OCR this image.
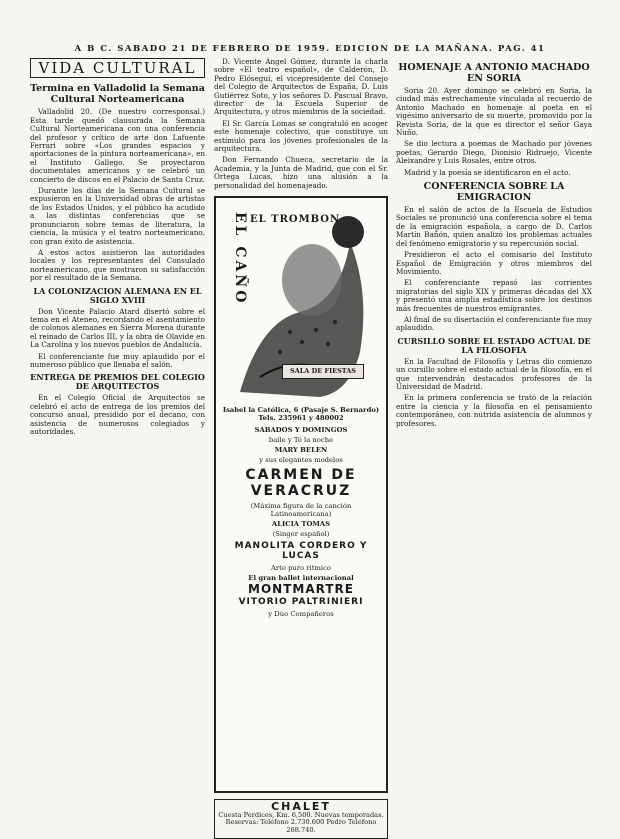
A B C. SABADO 21 DE FEBRERO DE 1959. EDICION DE LA MAÑANA. PAG. 41
VIDA CULTURAL
Termina en Valladolid la Semana Cultural Norteamericana

Valladolid 20. (De nuestro corresponsal.) Esta tarde quedó clausurada la Semana Cultural Norteamericana con una conferencia del profesor y crítico de arte don Lafuente Ferrari sobre «Los grandes espacios y aportaciones de la pintura norteamericana», en el Instituto Gallego. Se proyectaron documentales americanos y se celebró un concierto de discos en el Palacio de Santa Cruz.

Durante los días de la Semana Cultural se expusieron en la Universidad obras de artistas de los Estados Unidos, y el público ha acudido a las distintas conferencias que se pronunciaron sobre temas de literatura, la ciencia, la música y el teatro norteamericano, con gran éxito de asistencia.

A estos actos asistieron las autoridades locales y los representantes del Consulado norteamericano, que mostraron su satisfacción por el resultado de la Semana.

LA COLONIZACION ALEMANA EN EL SIGLO XVIII

Don Vicente Palacio Atard disertó sobre el tema en el Ateneo, recordando el asentamiento de colonos alemanes en Sierra Morena durante el reinado de Carlos III, y la obra de Olavide en La Carolina y los nuevos pueblos de Andalucía.

El conferenciante fue muy aplaudido por el numeroso público que llenaba el salón.

ENTREGA DE PREMIOS DEL COLEGIO DE ARQUITECTOS

En el Colegio Oficial de Arquitectos se celebró el acto de entrega de los premios del concurso anual, presidido por el decano, con asistencia de numerosos colegiados y autoridades.

D. Vicente Angel Gómez, durante la charla sobre «El teatro español», de Calderón, D. Pedro Elósegui, el vicepresidente del Consejo del Colegio de Arquitectos de España, D. Luis Gutiérrez Soto, y los señores D. Pascual Bravo, director de la Escuela Superior de Arquitectura, y otros miembros de la sociedad.

El Sr. García Lomas se congratuló en acoger este homenaje colectivo, que constituye un estímulo para los jóvenes profesionales de la arquitectura.

Don Fernando Chueca, secretario de la Academia, y la Junta de Madrid, que con el Sr. Ortega Lucas, hizo una alusión a la personalidad del homenajeado.

EL CAÑO EL TROMBON
SALA DE FIESTAS
Isabel la Católica, 6 (Pasaje S. Bernardo) Tels. 235961 y 480002
SABADOS Y DOMINGOS
baile y Té la noche
MARY BELEN
y sus elegantes modelos
CARMEN DE VERACRUZ
(Máxima figura de la canción Latinoamericana)
ALICIA TOMAS
(Singer español)
MANOLITA CORDERO Y LUCAS
Arte puro ritmico
El gran ballet internacional
MONTMARTRE
VITORIO PALTRINIERI
y Dúo Compañeros
CHALET
Cuesta Perdices, Km. 6,500. Nuevas temporadas. Reservas: Teléfono 2.730.600 Pedro Teléfono 268.740.
HOMENAJE A ANTONIO MACHADO EN SORIA

Soria 20. Ayer domingo se celebró en Soria, la ciudad más estrechamente vinculada al recuerdo de Antonio Machado en homenaje al poeta en el vigésimo aniversario de su muerte, promovido por la Revista Soria, de la que es director el señor Gaya Nuño.

Se dio lectura a poemas de Machado por jóvenes poetas, Gerardo Diego, Dionisio Ridruejo, Vicente Aleixandre y Luis Rosales, entre otros.

Madrid y la poesía se identificaron en el acto.

CONFERENCIA SOBRE LA EMIGRACION

En el salón de actos de la Escuela de Estudios Sociales se pronunció una conferencia sobre el tema de la emigración española, a cargo de D. Carlos Martín Bañón, quien analizó los problemas actuales del fenómeno emigratorio y su repercusión social.

Presidieron el acto el comisario del Instituto Español de Emigración y otros miembros del Movimiento.

El conferenciante repasó las corrientes migratorias del siglo XIX y primeras décadas del XX y presentó una amplia estadística sobre los destinos más frecuentes de nuestros emigrantes.

Al final de su disertación el conferenciante fue muy aplaudido.

CURSILLO SOBRE EL ESTADO ACTUAL DE LA FILOSOFIA

En la Facultad de Filosofía y Letras dio comienzo un cursillo sobre el estado actual de la filosofía, en el que intervendrán destacados profesores de la Universidad de Madrid.

En la primera conferencia se trató de la relación entre la ciencia y la filosofía en el pensamiento contemporáneo, con nutrida asistencia de alumnos y profesores.
